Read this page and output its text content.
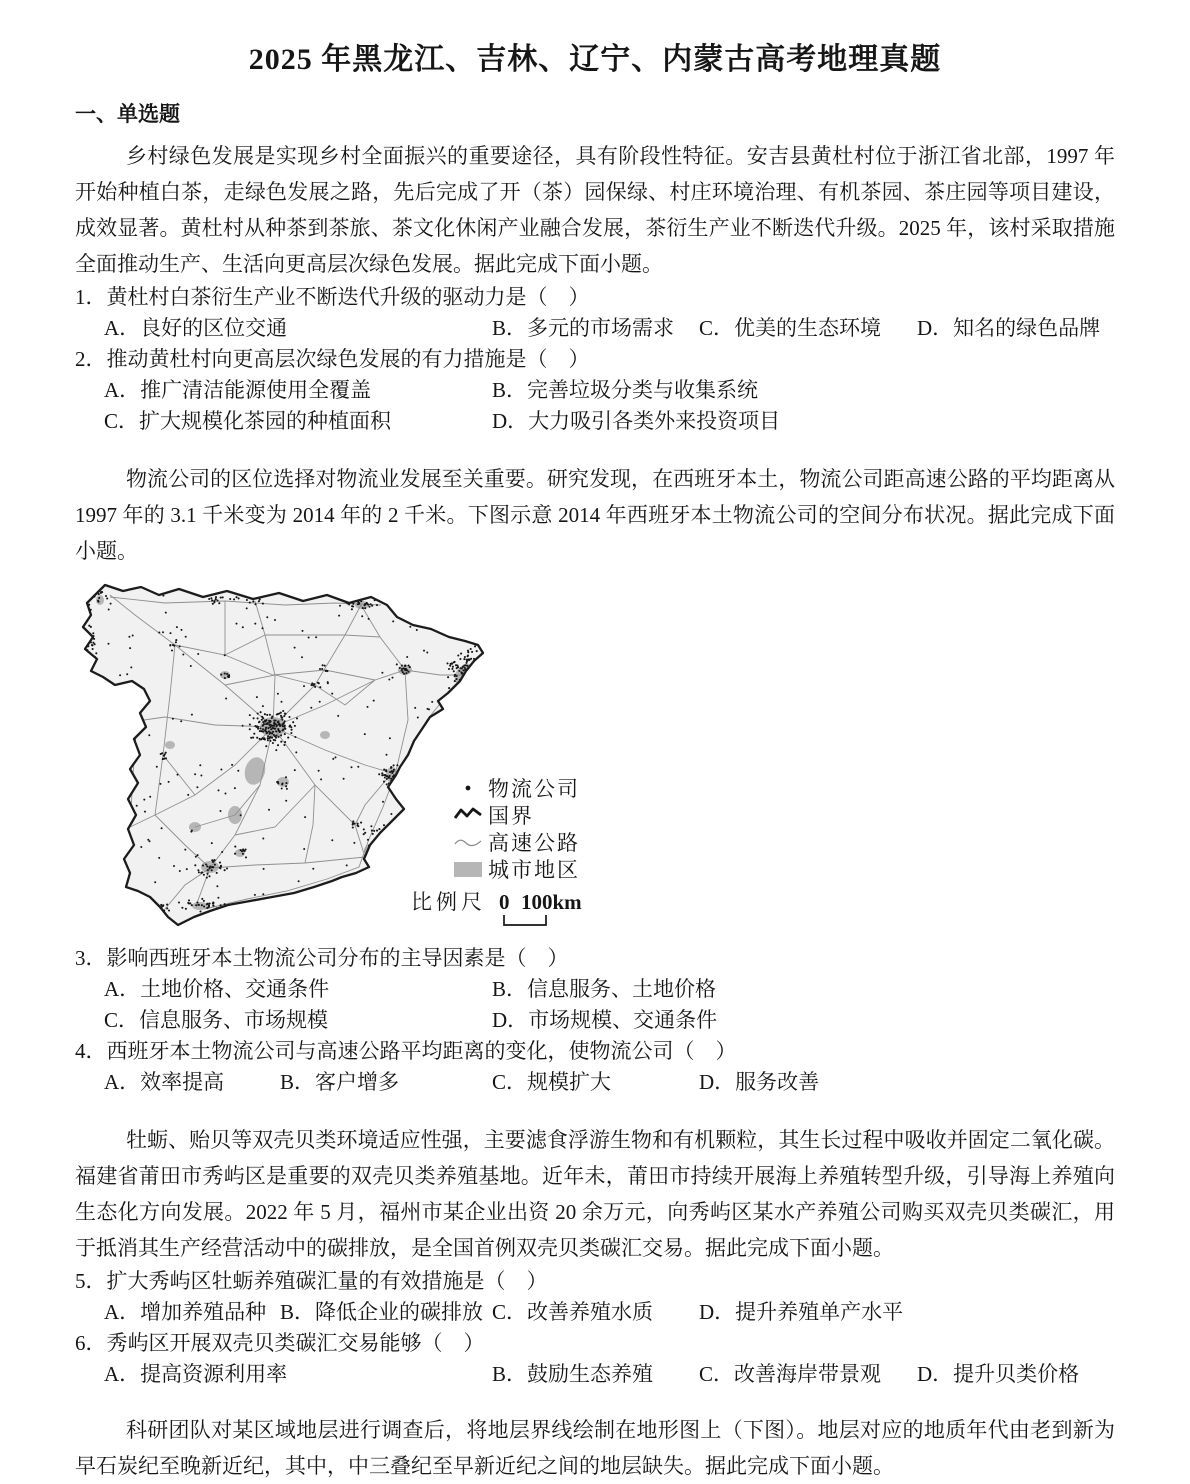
2025 年黑龙江、吉林、辽宁、内蒙古高考地理真题
一、单选题

乡村绿色发展是实现乡村全面振兴的重要途径，具有阶段性特征。安吉县黄杜村位于浙江省北部，1997 年开始种植白茶，走绿色发展之路，先后完成了开（茶）园保绿、村庄环境治理、有机茶园、茶庄园等项目建设，成效显著。黄杜村从种茶到茶旅、茶文化休闲产业融合发展，茶衍生产业不断迭代升级。2025 年，该村采取措施全面推动生产、生活向更高层次绿色发展。据此完成下面小题。

1．黄杜村白茶衍生产业不断迭代升级的驱动力是（　）
A．良好的区位交通	B．多元的市场需求 C．优美的生态环境 D．知名的绿色品牌
2．推动黄杜村向更高层次绿色发展的有力措施是（　）
A．推广清洁能源使用全覆盖	B．完善垃圾分类与收集系统
C．扩大规模化茶园的种植面积	D．大力吸引各类外来投资项目

物流公司的区位选择对物流业发展至关重要。研究发现，在西班牙本土，物流公司距高速公路的平均距离从 1997 年的 3.1 千米变为 2014 年的 2 千米。下图示意 2014 年西班牙本土物流公司的空间分布状况。据此完成下面小题。

物流公司
国界
高速公路
城市地区
比例尺 0 100km
3．影响西班牙本土物流公司分布的主导因素是（　）
A．土地价格、交通条件	B．信息服务、土地价格
C．信息服务、市场规模	D．市场规模、交通条件
4．西班牙本土物流公司与高速公路平均距离的变化，使物流公司（　）
A．效率提高	B．客户增多	C．规模扩大	D．服务改善

牡蛎、贻贝等双壳贝类环境适应性强，主要滤食浮游生物和有机颗粒，其生长过程中吸收并固定二氧化碳。福建省莆田市秀屿区是重要的双壳贝类养殖基地。近年未，莆田市持续开展海上养殖转型升级，引导海上养殖向生态化方向发展。2022 年 5 月，福州市某企业出资 20 余万元，向秀屿区某水产养殖公司购买双壳贝类碳汇，用于抵消其生产经营活动中的碳排放，是全国首例双壳贝类碳汇交易。据此完成下面小题。

5．扩大秀屿区牡蛎养殖碳汇量的有效措施是（　）
A．增加养殖品种 B．降低企业的碳排放 C．改善养殖水质 D．提升养殖单产水平
6．秀屿区开展双壳贝类碳汇交易能够（　）
A．提高资源利用率	B．鼓励生态养殖 C．改善海岸带景观 D．提升贝类价格

科研团队对某区域地层进行调查后，将地层界线绘制在地形图上（下图）。地层对应的地质年代由老到新为早石炭纪至晚新近纪，其中，中三叠纪至早新近纪之间的地层缺失。据此完成下面小题。
